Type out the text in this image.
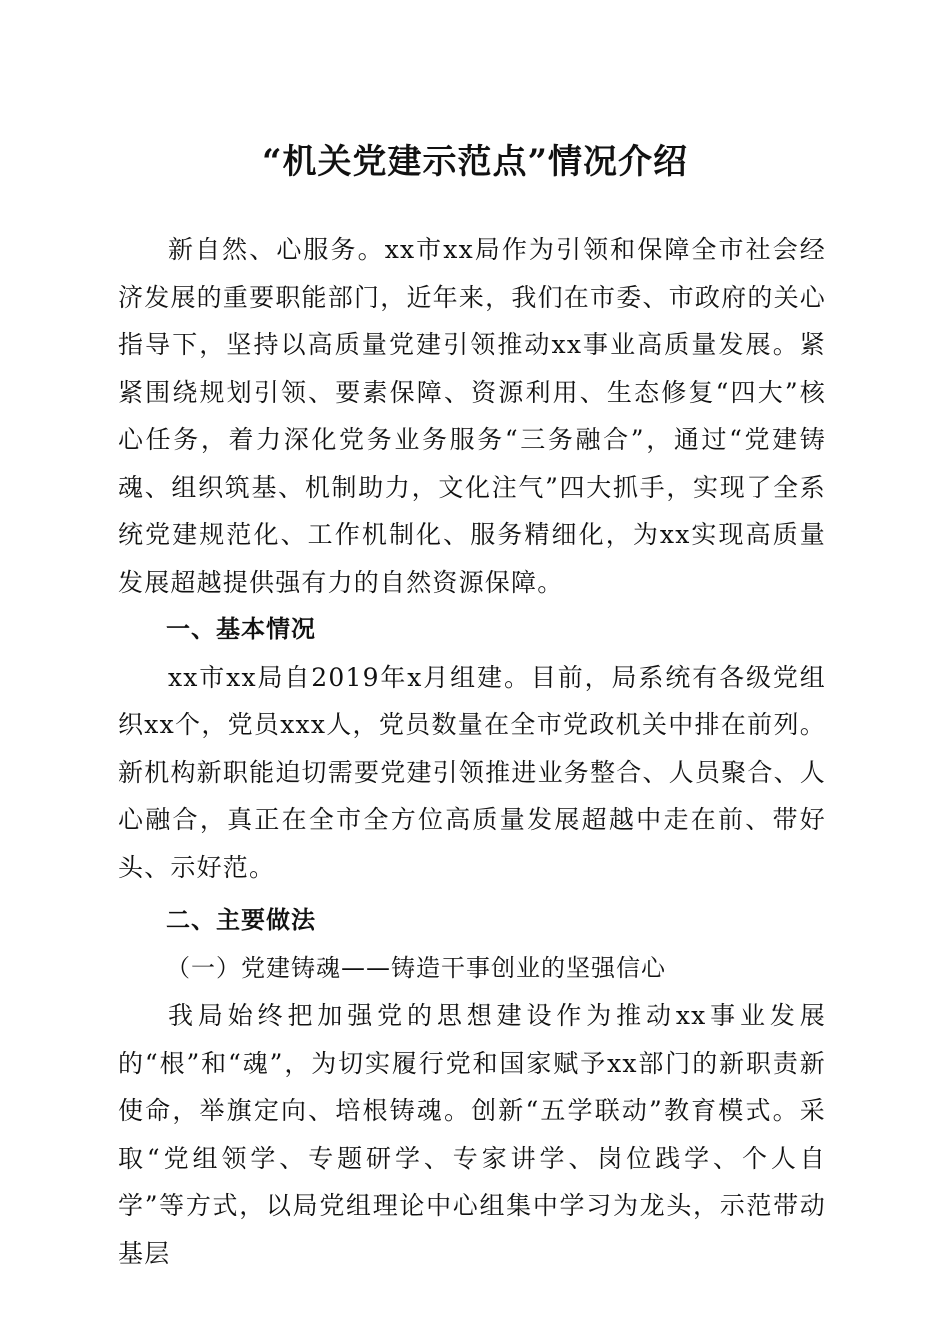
“机关党建示范点”情况介绍

新自然、心服务。xx市xx局作为引领和保障全市社会经济发展的重要职能部门，近年来，我们在市委、市政府的关心指导下，坚持以高质量党建引领推动xx事业高质量发展。紧紧围绕规划引领、要素保障、资源利用、生态修复“四大”核心任务，着力深化党务业务服务“三务融合”，通过“党建铸魂、组织筑基、机制助力，文化注气”四大抓手，实现了全系统党建规范化、工作机制化、服务精细化，为xx实现高质量发展超越提供强有力的自然资源保障。

一、基本情况

xx市xx局自2019年x月组建。目前，局系统有各级党组织xx个，党员xxx人，党员数量在全市党政机关中排在前列。新机构新职能迫切需要党建引领推进业务整合、人员聚合、人心融合，真正在全市全方位高质量发展超越中走在前、带好头、示好范。

二、主要做法
（一）党建铸魂——铸造干事创业的坚强信心

我局始终把加强党的思想建设作为推动xx事业发展的“根”和“魂”，为切实履行党和国家赋予xx部门的新职责新使命，举旗定向、培根铸魂。创新“五学联动”教育模式。采取“党组领学、专题研学、专家讲学、岗位践学、个人自学”等方式，以局党组理论中心组集中学习为龙头，示范带动基层
